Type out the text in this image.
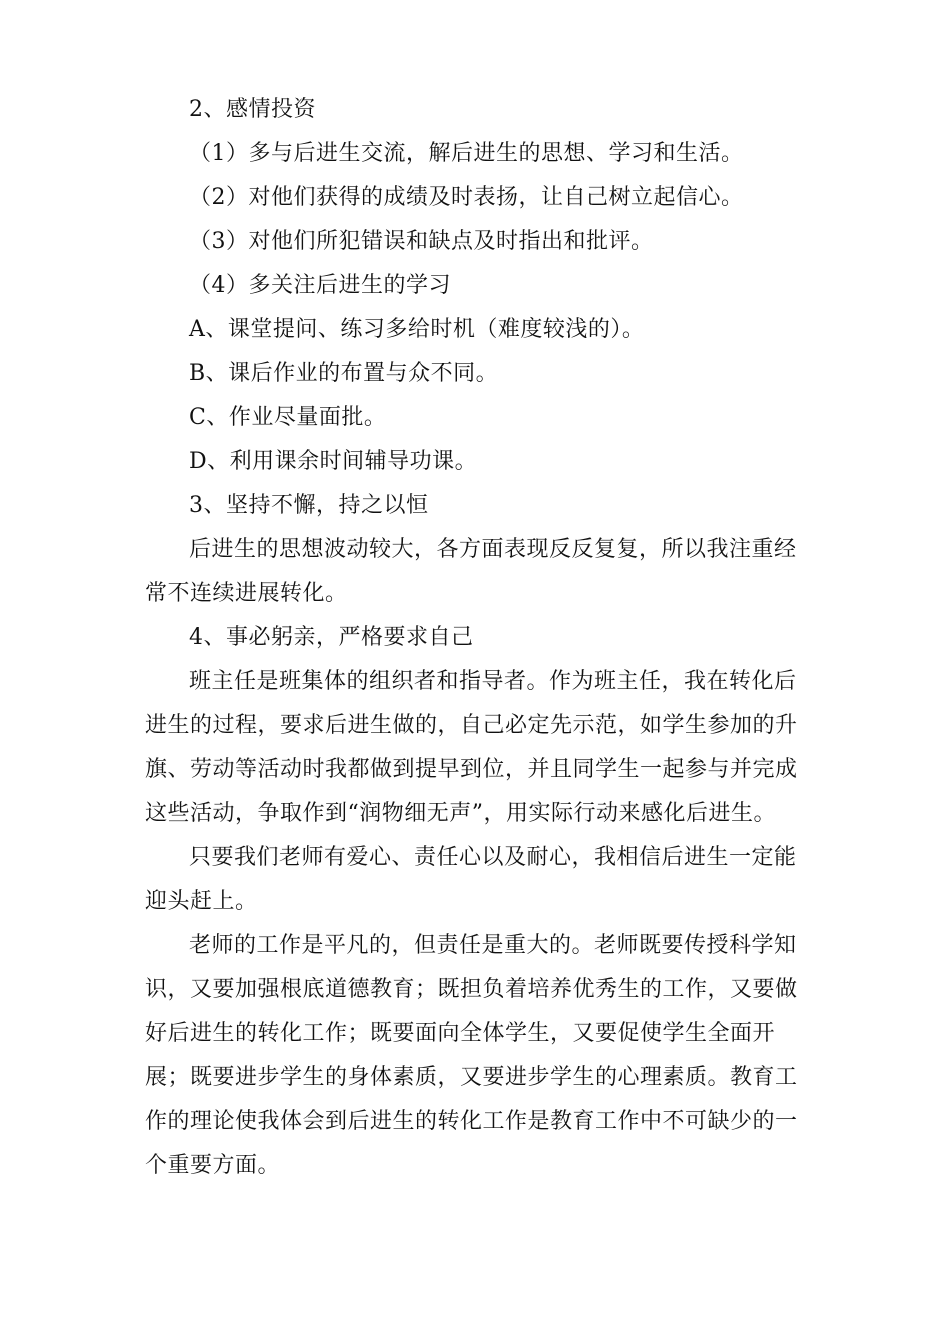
2、感情投资
（1）多与后进生交流，解后进生的思想、学习和生活。
（2）对他们获得的成绩及时表扬，让自己树立起信心。
（3）对他们所犯错误和缺点及时指出和批评。
（4）多关注后进生的学习
A、课堂提问、练习多给时机（难度较浅的）。
B、课后作业的布置与众不同。
C、作业尽量面批。
D、利用课余时间辅导功课。
3、坚持不懈，持之以恒
后进生的思想波动较大，各方面表现反反复复，所以我注重经
常不连续进展转化。
4、事必躬亲，严格要求自己
班主任是班集体的组织者和指导者。作为班主任，我在转化后
进生的过程，要求后进生做的，自己必定先示范，如学生参加的升
旗、劳动等活动时我都做到提早到位，并且同学生一起参与并完成
这些活动，争取作到“润物细无声”，用实际行动来感化后进生。
只要我们老师有爱心、责任心以及耐心，我相信后进生一定能
迎头赶上。
老师的工作是平凡的，但责任是重大的。老师既要传授科学知
识，又要加强根底道德教育；既担负着培养优秀生的工作，又要做
好后进生的转化工作；既要面向全体学生，又要促使学生全面开
展；既要进步学生的身体素质，又要进步学生的心理素质。教育工
作的理论使我体会到后进生的转化工作是教育工作中不可缺少的一
个重要方面。
